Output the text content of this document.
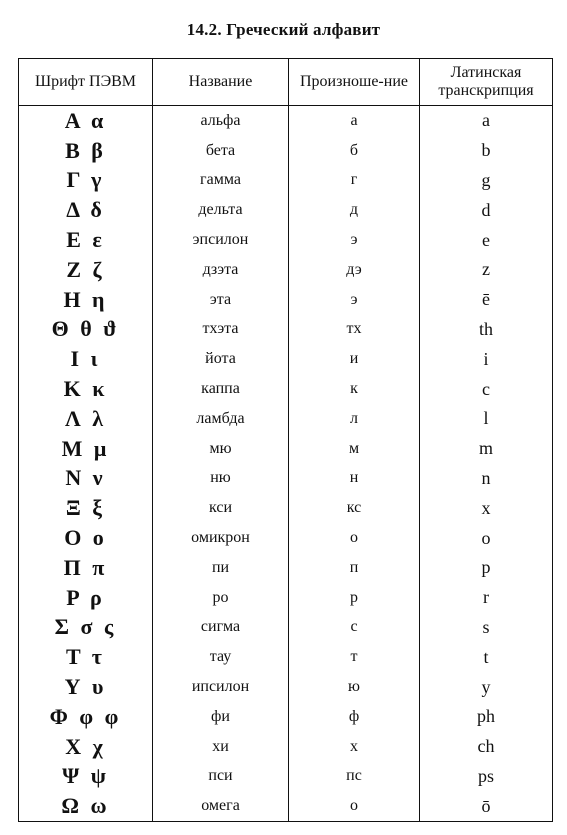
14.2. Греческий алфавит
Шрифт ПЭВМ	Название	Произноше-ние	Латинская транскрипция
Α α	альфа	а	a
Β β	бета	б	b
Γ γ	гамма	г	g
Δ δ	дельта	д	d
Ε ε	эпсилон	э	e
Ζ ζ	дзэта	дэ	z
Η η	эта	э	ē
Θ θ ϑ	тхэта	тх	th
Ι ι	йота	и	i
Κ κ	каппа	к	c
Λ λ	ламбда	л	l
Μ μ	мю	м	m
Ν ν	ню	н	n
Ξ ξ	кси	кс	x
Ο ο	омикрон	о	o
Π π	пи	п	p
Ρ ρ	ро	р	r
Σ σ ς	сигма	с	s
Τ τ	тау	т	t
Υ υ	ипсилон	ю	y
Φ φ φ	фи	ф	ph
Χ χ	хи	х	ch
Ψ ψ	пси	пс	ps
Ω ω	омега	о	ō
